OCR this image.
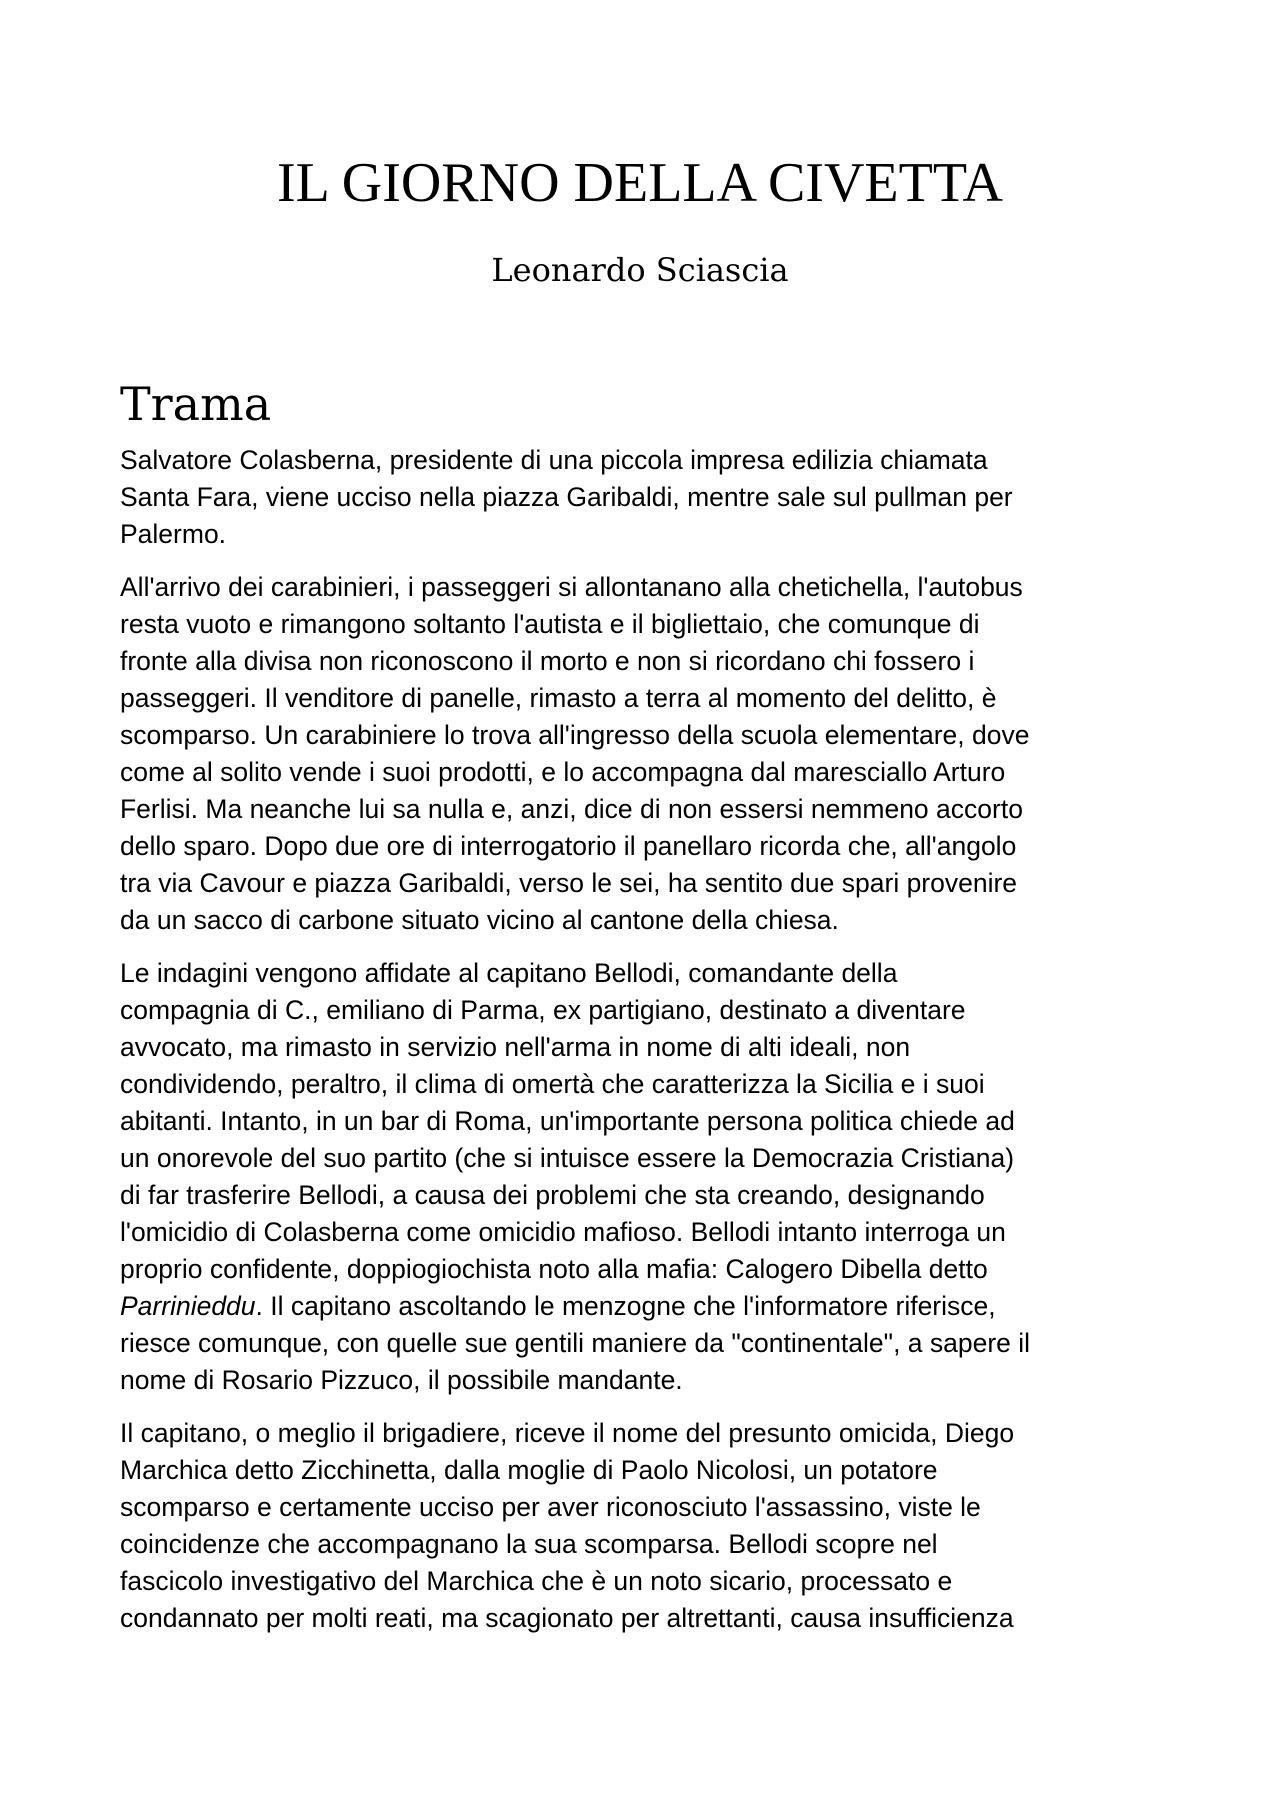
IL GIORNO DELLA CIVETTA
Leonardo Sciascia
Trama

Salvatore Colasberna, presidente di una piccola impresa edilizia chiamata
Santa Fara, viene ucciso nella piazza Garibaldi, mentre sale sul pullman per
Palermo.

All'arrivo dei carabinieri, i passeggeri si allontanano alla chetichella, l'autobus
resta vuoto e rimangono soltanto l'autista e il bigliettaio, che comunque di
fronte alla divisa non riconoscono il morto e non si ricordano chi fossero i
passeggeri. Il venditore di panelle, rimasto a terra al momento del delitto, è
scomparso. Un carabiniere lo trova all'ingresso della scuola elementare, dove
come al solito vende i suoi prodotti, e lo accompagna dal maresciallo Arturo
Ferlisi. Ma neanche lui sa nulla e, anzi, dice di non essersi nemmeno accorto
dello sparo. Dopo due ore di interrogatorio il panellaro ricorda che, all'angolo
tra via Cavour e piazza Garibaldi, verso le sei, ha sentito due spari provenire
da un sacco di carbone situato vicino al cantone della chiesa.

Le indagini vengono affidate al capitano Bellodi, comandante della
compagnia di C., emiliano di Parma, ex partigiano, destinato a diventare
avvocato, ma rimasto in servizio nell'arma in nome di alti ideali, non
condividendo, peraltro, il clima di omertà che caratterizza la Sicilia e i suoi
abitanti. Intanto, in un bar di Roma, un'importante persona politica chiede ad
un onorevole del suo partito (che si intuisce essere la Democrazia Cristiana)
di far trasferire Bellodi, a causa dei problemi che sta creando, designando
l'omicidio di Colasberna come omicidio mafioso. Bellodi intanto interroga un
proprio confidente, doppiogiochista noto alla mafia: Calogero Dibella detto
Parrinieddu. Il capitano ascoltando le menzogne che l'informatore riferisce,
riesce comunque, con quelle sue gentili maniere da "continentale", a sapere il
nome di Rosario Pizzuco, il possibile mandante.

Il capitano, o meglio il brigadiere, riceve il nome del presunto omicida, Diego
Marchica detto Zicchinetta, dalla moglie di Paolo Nicolosi, un potatore
scomparso e certamente ucciso per aver riconosciuto l'assassino, viste le
coincidenze che accompagnano la sua scomparsa. Bellodi scopre nel
fascicolo investigativo del Marchica che è un noto sicario, processato e
condannato per molti reati, ma scagionato per altrettanti, causa insufficienza
